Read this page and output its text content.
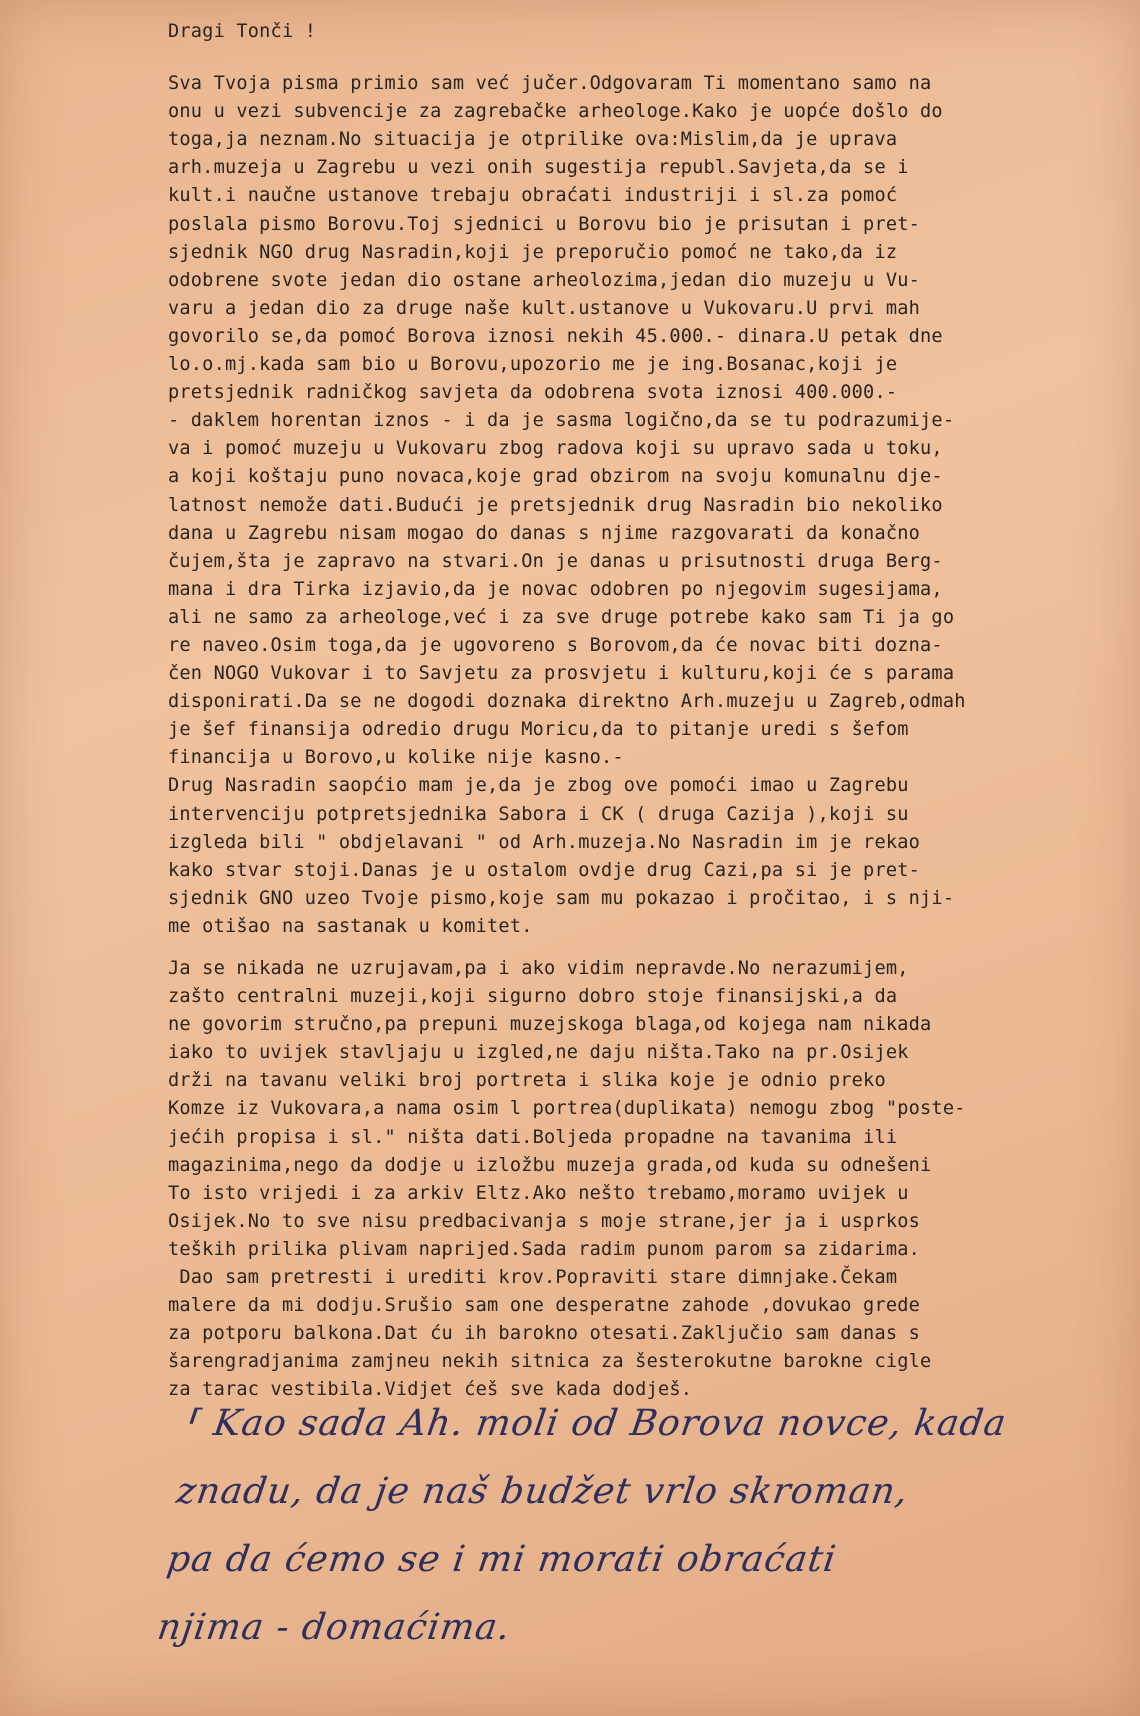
Dragi Tonči !
Sva Tvoja pisma primio sam već jučer.Odgovaram Ti momentano samo na
onu u vezi subvencije za zagrebačke arheologe.Kako je uopće došlo do
toga,ja neznam.No situacija je otprilike ova:Mislim,da je uprava
arh.muzeja u Zagrebu u vezi onih sugestija republ.Savjeta,da se i
kult.i naučne ustanove trebaju obraćati industriji i sl.za pomoć
poslala pismo Borovu.Toj sjednici u Borovu bio je prisutan i pret-
sjednik NGO drug Nasradin,koji je preporučio pomoć ne tako,da iz
odobrene svote jedan dio ostane arheolozima,jedan dio muzeju u Vu-
varu a jedan dio za druge naše kult.ustanove u Vukovaru.U prvi mah
govorilo se,da pomoć Borova iznosi nekih 45.000.- dinara.U petak dne
lo.o.mj.kada sam bio u Borovu,upozorio me je ing.Bosanac,koji je
pretsjednik radničkog savjeta da odobrena svota iznosi 400.000.-
- daklem horentan iznos - i da je sasma logično,da se tu podrazumije-
va i pomoć muzeju u Vukovaru zbog radova koji su upravo sada u toku,
a koji koštaju puno novaca,koje grad obzirom na svoju komunalnu dje-
latnost nemože dati.Budući je pretsjednik drug Nasradin bio nekoliko
dana u Zagrebu nisam mogao do danas s njime razgovarati da konačno
čujem,šta je zapravo na stvari.On je danas u prisutnosti druga Berg-
mana i dra Tirka izjavio,da je novac odobren po njegovim sugesijama,
ali ne samo za arheologe,već i za sve druge potrebe kako sam Ti ja go
re naveo.Osim toga,da je ugovoreno s Borovom,da će novac biti dozna-
čen NOGO Vukovar i to Savjetu za prosvjetu i kulturu,koji će s parama
disponirati.Da se ne dogodi doznaka direktno Arh.muzeju u Zagreb,odmah
je šef finansija odredio drugu Moricu,da to pitanje uredi s šefom
financija u Borovo,u kolike nije kasno.-
Drug Nasradin saopćio mam je,da je zbog ove pomoći imao u Zagrebu
intervenciju potpretsjednika Sabora i CK ( druga Cazija ),koji su
izgleda bili " obdjelavani " od Arh.muzeja.No Nasradin im je rekao
kako stvar stoji.Danas je u ostalom ovdje drug Cazi,pa si je pret-
sjednik GNO uzeo Tvoje pismo,koje sam mu pokazao i pročitao, i s nji-
me otišao na sastanak u komitet.
Ja se nikada ne uzrujavam,pa i ako vidim nepravde.No nerazumijem,
zašto centralni muzeji,koji sigurno dobro stoje finansijski,a da
ne govorim stručno,pa prepuni muzejskoga blaga,od kojega nam nikada
iako to uvijek stavljaju u izgled,ne daju ništa.Tako na pr.Osijek
drži na tavanu veliki broj portreta i slika koje je odnio preko
Komze iz Vukovara,a nama osim l portrea(duplikata) nemogu zbog "poste-
jećih propisa i sl." ništa dati.Boljeda propadne na tavanima ili
magazinima,nego da dodje u izložbu muzeja grada,od kuda su odnešeni
To isto vrijedi i za arkiv Eltz.Ako nešto trebamo,moramo uvijek u
Osijek.No to sve nisu predbacivanja s moje strane,jer ja i usprkos
teških prilika plivam naprijed.Sada radim punom parom sa zidarima.
Dao sam pretresti i urediti krov.Popraviti stare dimnjake.Čekam
malere da mi dodju.Srušio sam one desperatne zahode ,dovukao grede
za potporu balkona.Dat ću ih barokno otesati.Zaključio sam danas s
šarengradjanima zamjneu nekih sitnica za šesterokutne barokne cigle
za tarac vestibila.Vidjet ćeš sve kada dodješ.
⸢ Kao sada Ah. moli od Borova novce, kada
znadu, da je naš budžet vrlo skroman,
pa da ćemo se i mi morati obraćati
njima - domaćima.
